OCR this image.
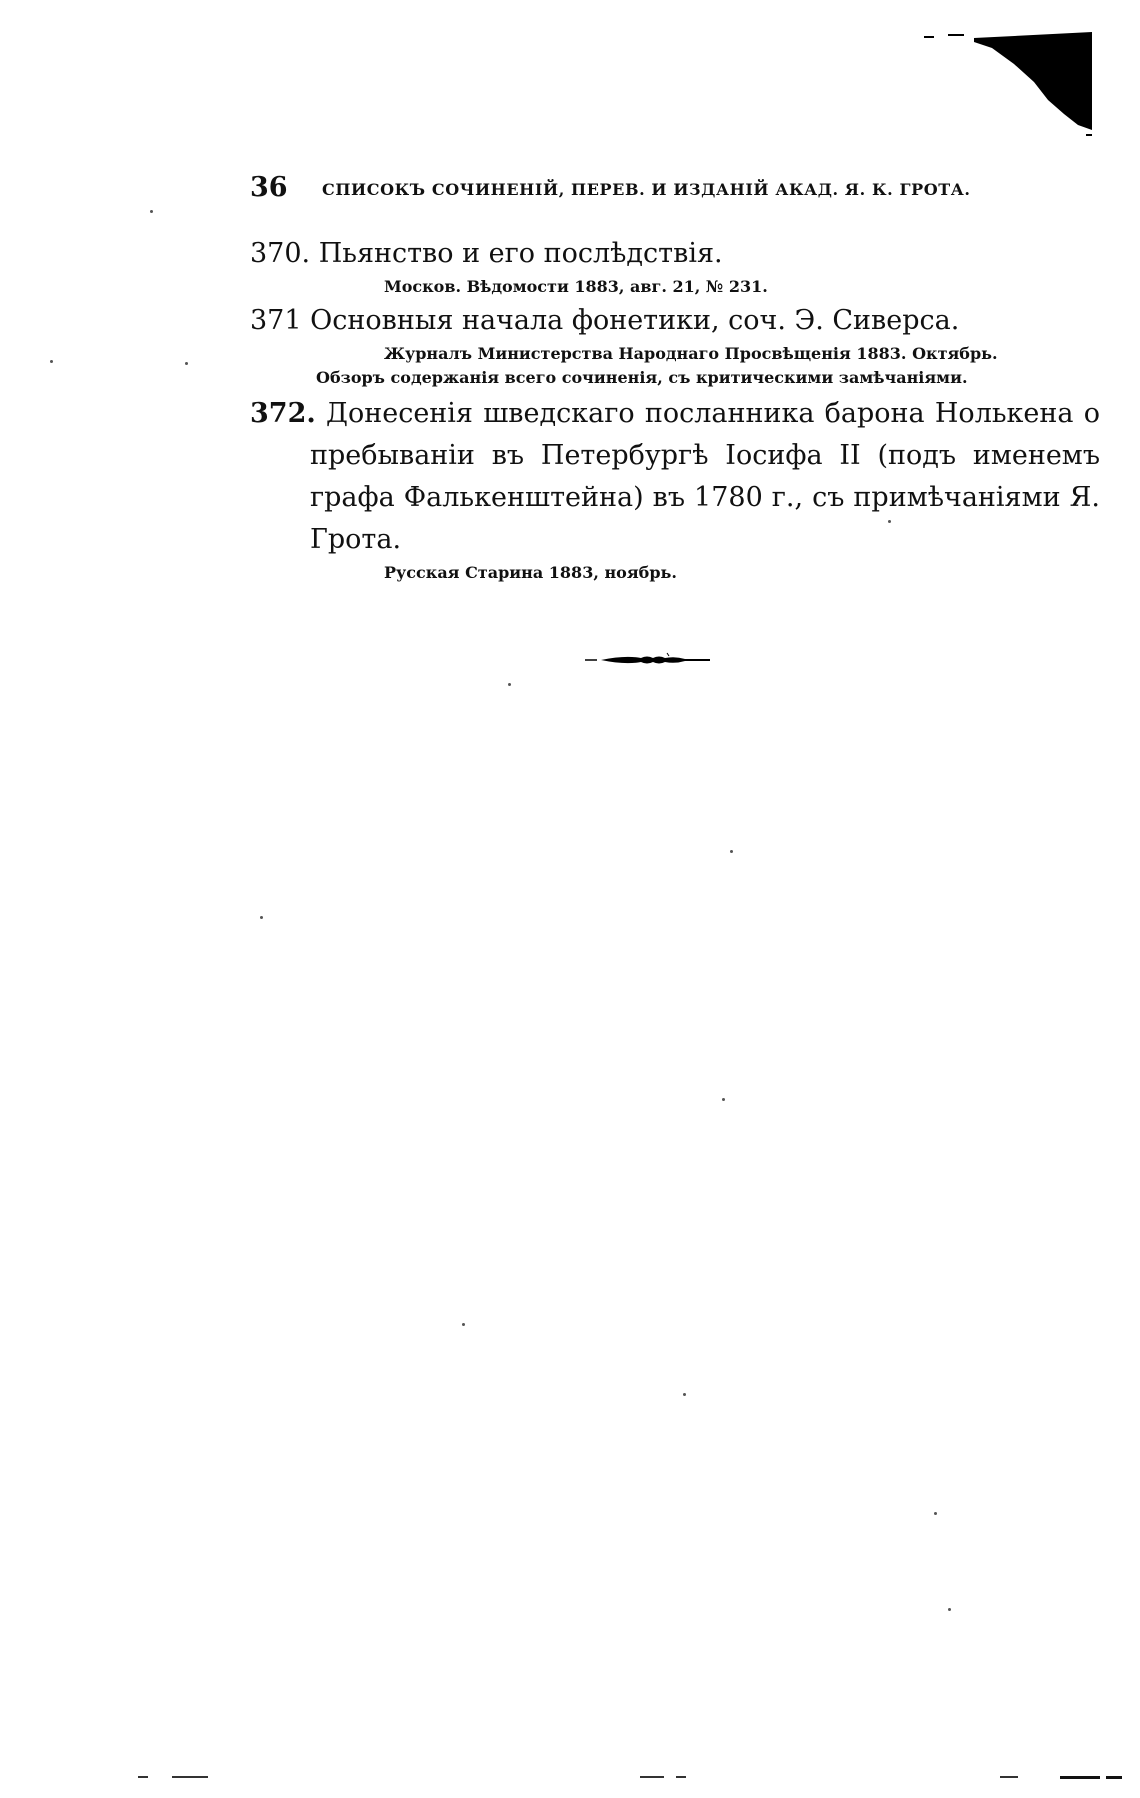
36 СПИСОКЪ СОЧИНЕНІЙ, ПЕРЕВ. И ИЗДАНІЙ АКАД. Я. К. ГРОТА.
370. Пьянство и его послѣдствія.
Москов. Вѣдомости 1883, авг. 21, № 231.
371 Основныя начала фонетики, соч. Э. Сиверса.
Журналъ Министерства Народнаго Просвѣщенія 1883. Октябрь.
Обзоръ содержанія всего сочиненія, съ критическими замѣчаніями.
372. Донесенія шведскаго посланника барона Нолькена о пребываніи въ Петербургѣ Іосифа II (подъ именемъ графа Фалькенштейна) въ 1780 г., съ примѣчаніями Я. Грота.
Русская Старина 1883, ноябрь.
